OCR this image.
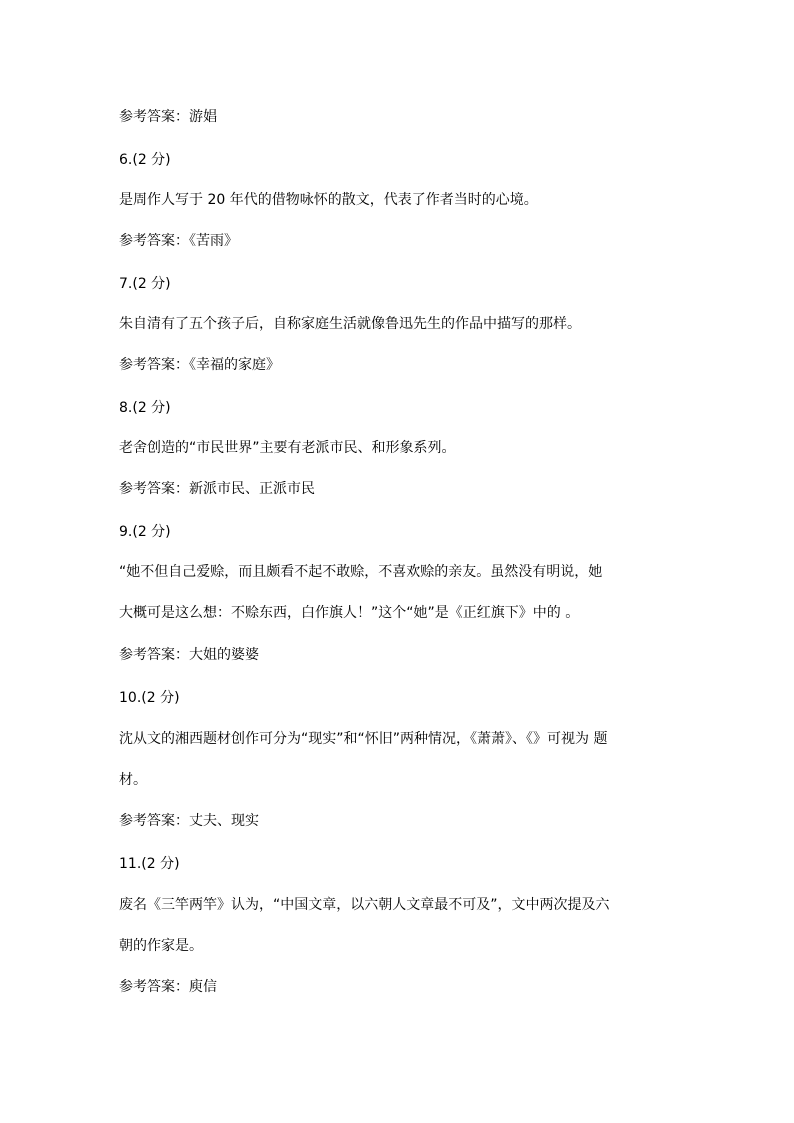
参考答案：游娼
6.(2 分)
是周作人写于 20 年代的借物咏怀的散文，代表了作者当时的心境。
参考答案：《苦雨》
7.(2 分)
朱自清有了五个孩子后，自称家庭生活就像鲁迅先生的作品中描写的那样。
参考答案：《幸福的家庭》
8.(2 分)
老舍创造的“市民世界”主要有老派市民、和形象系列。
参考答案：新派市民、正派市民
9.(2 分)
“她不但自己爱赊，而且颇看不起不敢赊，不喜欢赊的亲友。虽然没有明说，她
大概可是这么想：不赊东西，白作旗人！”这个“她”是《正红旗下》中的 。
参考答案：大姐的婆婆
10.(2 分)
沈从文的湘西题材创作可分为“现实”和“怀旧”两种情况，《萧萧》、《》可视为 题
材。
参考答案：丈夫、现实
11.(2 分)
废名《三竿两竿》认为，“中国文章，以六朝人文章最不可及”，文中两次提及六
朝的作家是。
参考答案：庾信
